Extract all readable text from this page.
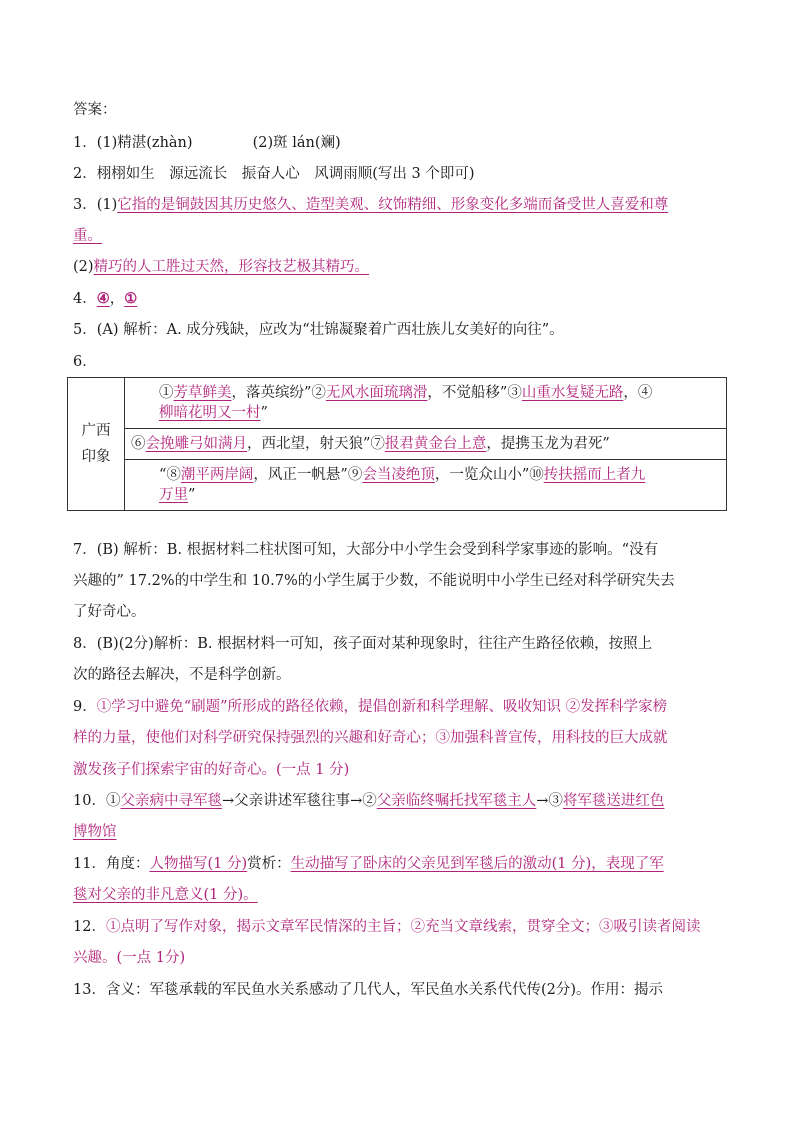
答案：
1．(1)精湛(zhàn)	(2)斑 lán(斓)
2．栩栩如生　源远流长　振奋人心　风调雨顺(写出 3 个即可)
3．(1)它指的是铜鼓因其历史悠久、造型美观、纹饰精细、形象变化多端而备受世人喜爱和尊
重。
(2)精巧的人工胜过天然，形容技艺极其精巧。
4．④，①
5．(A) 解析：A. 成分残缺，应改为“壮锦凝聚着广西壮族儿女美好的向往”。
6．
广西
印象
	①芳草鲜美，落英缤纷”②无风水面琉璃滑，不觉船移”③山重水复疑无路，④
柳暗花明又一村”
⑥会挽雕弓如满月，西北望，射天狼”⑦报君黄金台上意，提携玉龙为君死”
“⑧潮平两岸阔，风正一帆悬”⑨会当凌绝顶，一览众山小”⑩抟扶摇而上者九
万里”
7．(B) 解析：B. 根据材料二柱状图可知，大部分中小学生会受到科学家事迹的影响。“没有
兴趣的” 17.2%的中学生和 10.7%的小学生属于少数，不能说明中小学生已经对科学研究失去
了好奇心。
8．(B)(2分)解析：B. 根据材料一可知，孩子面对某种现象时，往往产生路径依赖，按照上
次的路径去解决，不是科学创新。
9．①学习中避免“刷题”所形成的路径依赖，提倡创新和科学理解、吸收知识 ②发挥科学家榜
样的力量，使他们对科学研究保持强烈的兴趣和好奇心；③加强科普宣传，用科技的巨大成就
激发孩子们探索宇宙的好奇心。(一点 1 分)
10．①父亲病中寻军毯→父亲讲述军毯往事→②父亲临终嘱托找军毯主人→③将军毯送进红色
博物馆
11．角度：人物描写(1 分)赏析：生动描写了卧床的父亲见到军毯后的激动(1 分)，表现了军
毯对父亲的非凡意义(1 分)。
12．①点明了写作对象，揭示文章军民情深的主旨；②充当文章线索，贯穿全文；③吸引读者阅读
兴趣。(一点 1分)
13．含义：军毯承载的军民鱼水关系感动了几代人，军民鱼水关系代代传(2分)。作用：揭示
